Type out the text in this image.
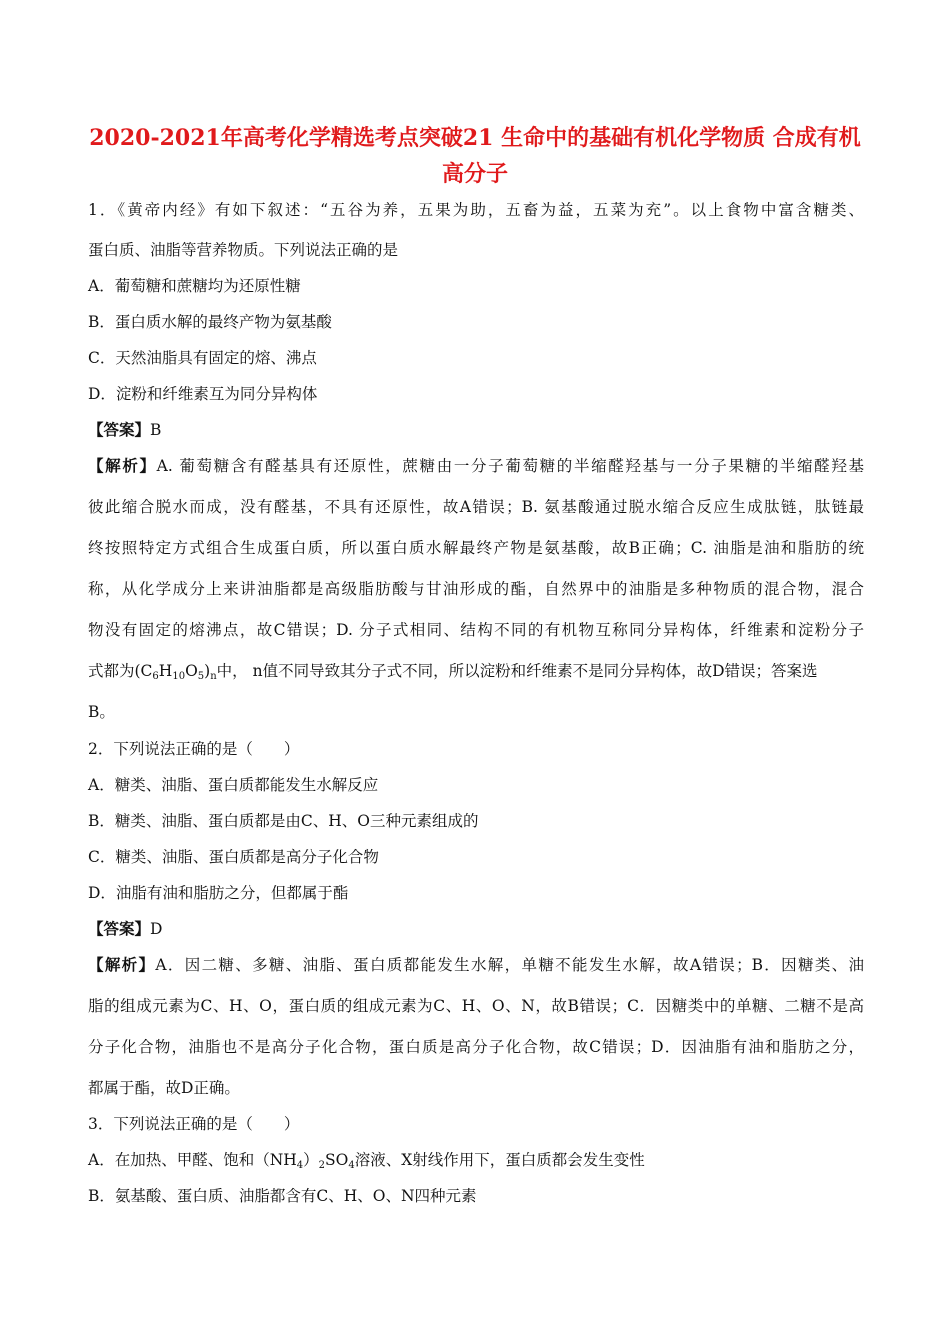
2020-2021年高考化学精选考点突破21 生命中的基础有机化学物质 合成有机
高分子
1．《黄帝内经》有如下叙述：“五谷为养，五果为助，五畜为益，五菜为充”。以上食物中富含糖类、
蛋白质、油脂等营养物质。下列说法正确的是
A．葡萄糖和蔗糖均为还原性糖
B．蛋白质水解的最终产物为氨基酸
C．天然油脂具有固定的熔、沸点
D．淀粉和纤维素互为同分异构体
【答案】B
【解析】A. 葡萄糖含有醛基具有还原性，蔗糖由一分子葡萄糖的半缩醛羟基与一分子果糖的半缩醛羟基
彼此缩合脱水而成，没有醛基，不具有还原性，故A错误；B. 氨基酸通过脱水缩合反应生成肽链，肽链最
终按照特定方式组合生成蛋白质，所以蛋白质水解最终产物是氨基酸，故B正确；C. 油脂是油和脂肪的统
称，从化学成分上来讲油脂都是高级脂肪酸与甘油形成的酯，自然界中的油脂是多种物质的混合物，混合
物没有固定的熔沸点，故C错误；D. 分子式相同、结构不同的有机物互称同分异构体，纤维素和淀粉分子
式都为$(C_6H_{10}O_5)_n$中， n值不同导致其分子式不同，所以淀粉和纤维素不是同分异构体，故D错误；答案选
B。
2．下列说法正确的是（　　）
A．糖类、油脂、蛋白质都能发生水解反应
B．糖类、油脂、蛋白质都是由C、H、O三种元素组成的
C．糖类、油脂、蛋白质都是高分子化合物
D．油脂有油和脂肪之分，但都属于酯
【答案】D
【解析】A．因二糖、多糖、油脂、蛋白质都能发生水解，单糖不能发生水解，故A错误；B．因糖类、油
脂的组成元素为C、H、O，蛋白质的组成元素为C、H、O、N，故B错误；C．因糖类中的单糖、二糖不是高
分子化合物，油脂也不是高分子化合物，蛋白质是高分子化合物，故C错误；D．因油脂有油和脂肪之分，
都属于酯，故D正确。
3．下列说法正确的是（　　）
A．在加热、甲醛、饱和$(NH_4)_2SO_4$溶液、X射线作用下，蛋白质都会发生变性
B．氨基酸、蛋白质、油脂都含有C、H、O、N四种元素
